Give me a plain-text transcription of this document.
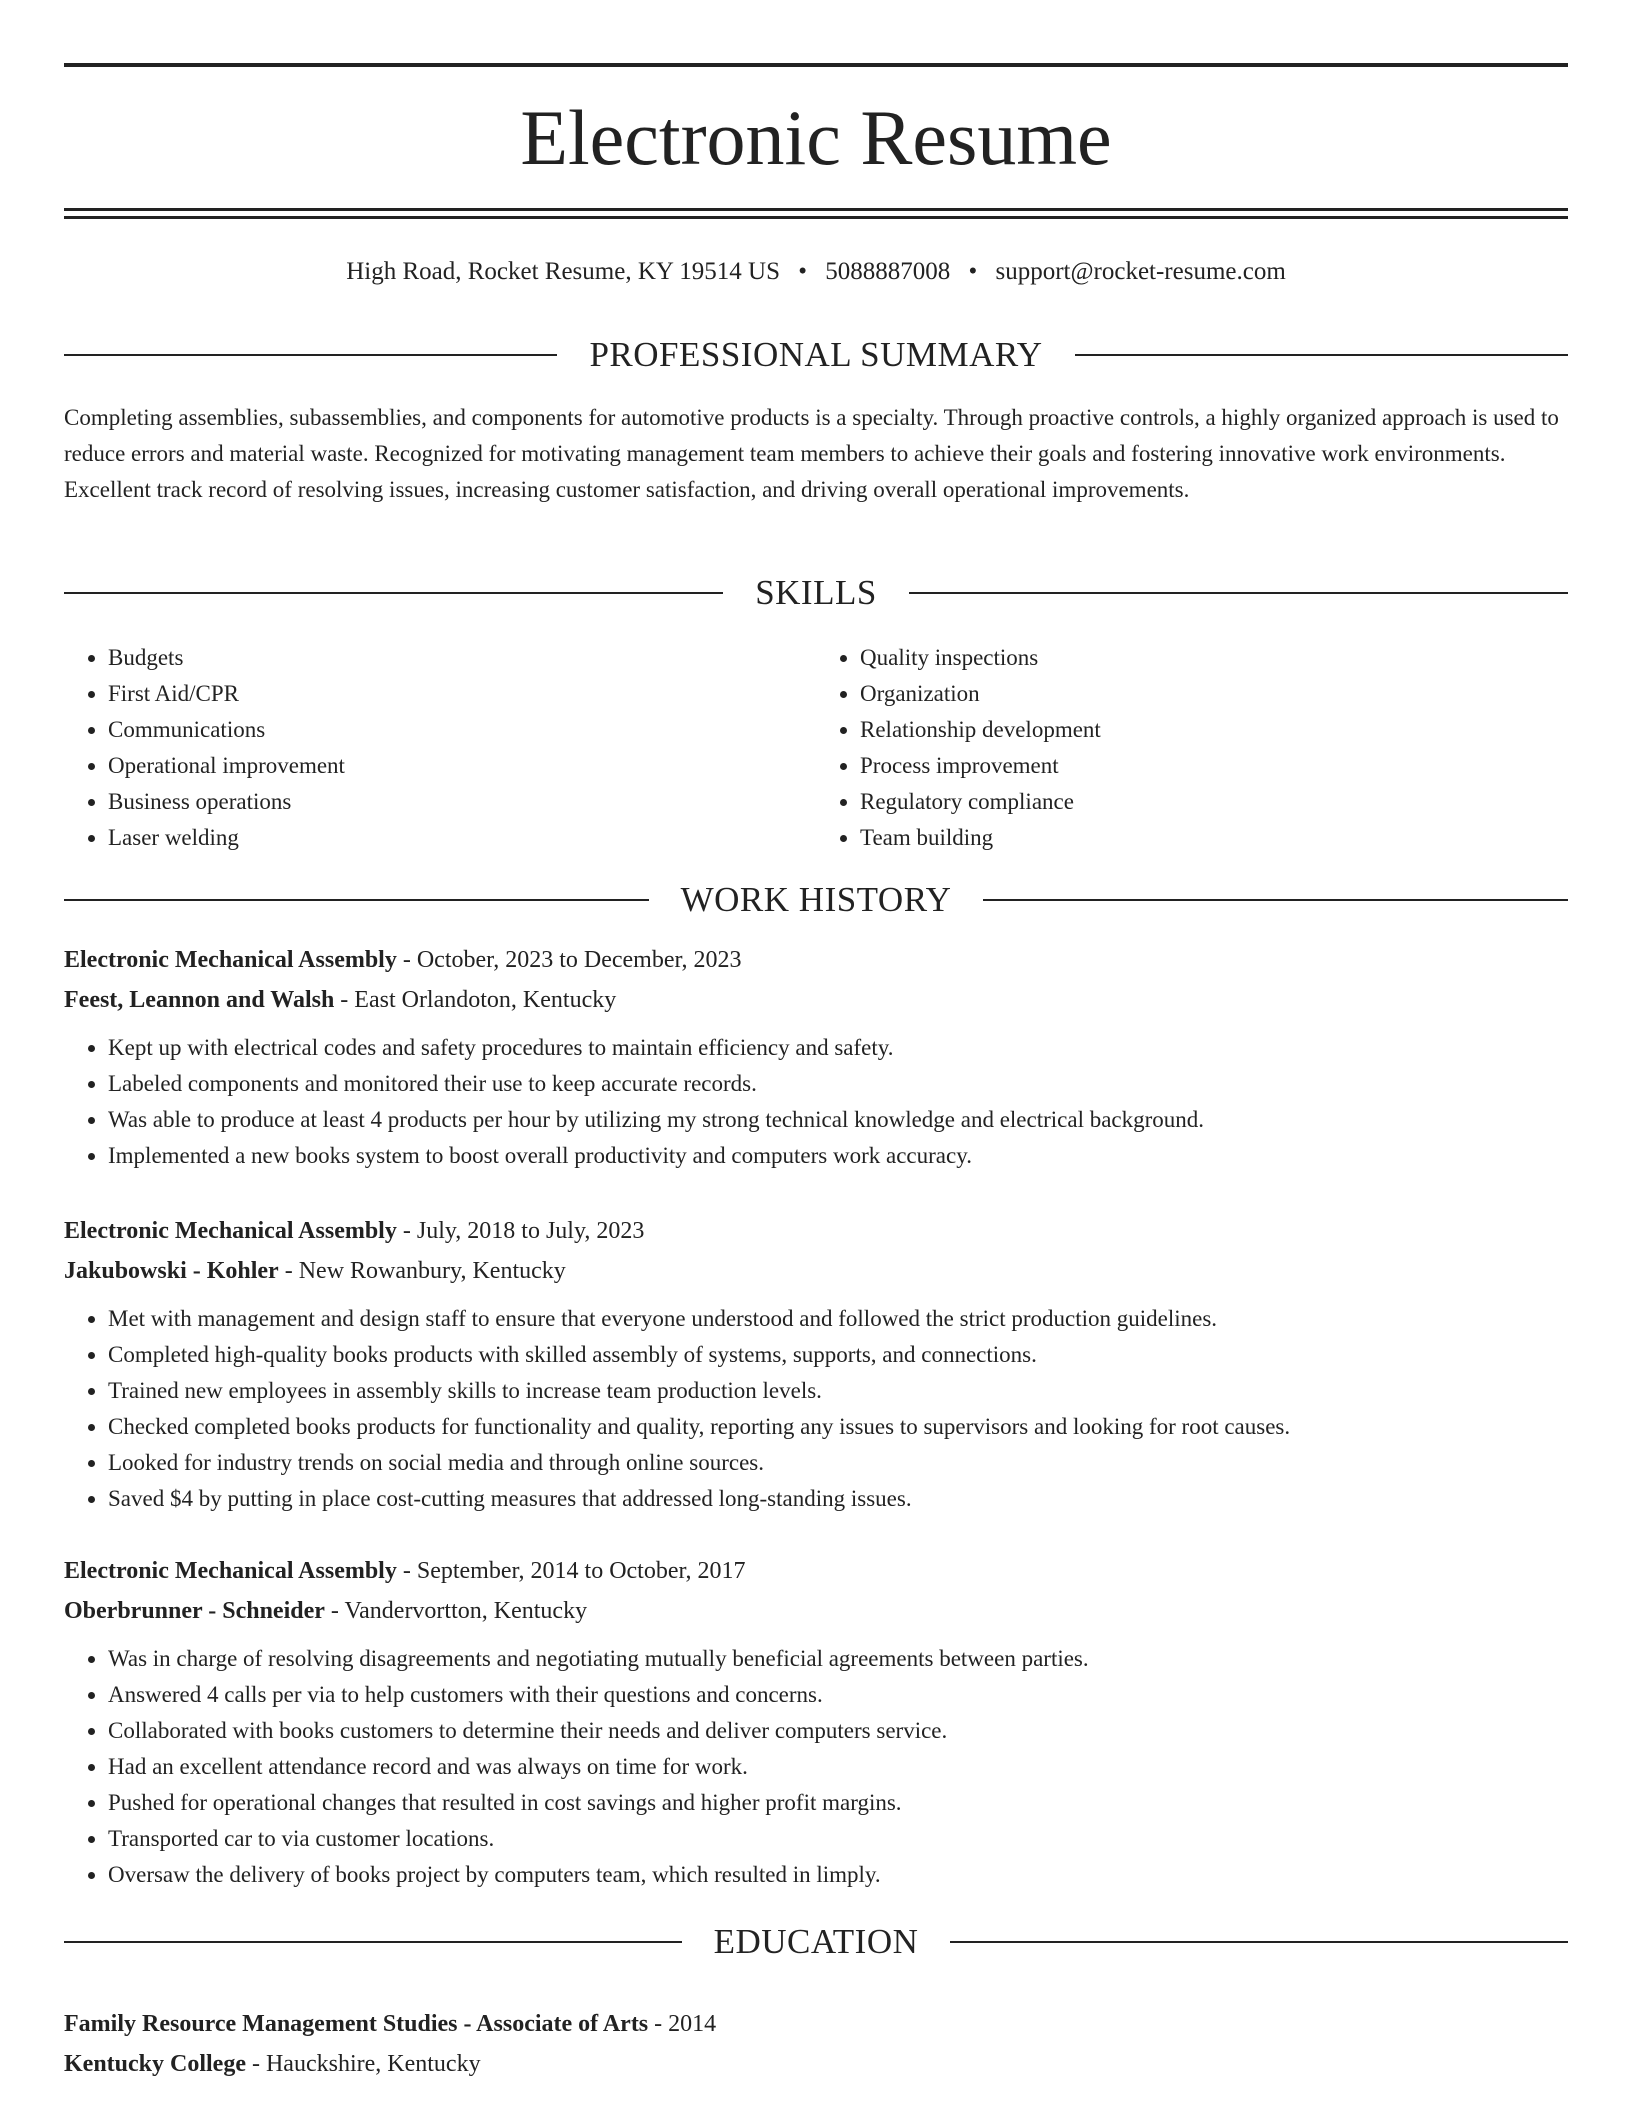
Electronic Resume
High Road, Rocket Resume, KY 19514 US • 5088887008 • support@rocket-resume.com
PROFESSIONAL SUMMARY

Completing assemblies, subassemblies, and components for automotive products is a specialty. Through proactive controls, a highly organized approach is used to reduce errors and material waste. Recognized for motivating management team members to achieve their goals and fostering innovative work environments. Excellent track record of resolving issues, increasing customer satisfaction, and driving overall operational improvements.

SKILLS
• Budgets
• First Aid/CPR
• Communications
• Operational improvement
• Business operations
• Laser welding
• Quality inspections
• Organization
• Relationship development
• Process improvement
• Regulatory compliance
• Team building
WORK HISTORY
Electronic Mechanical Assembly - October, 2023 to December, 2023
Feest, Leannon and Walsh - East Orlandoton, Kentucky
• Kept up with electrical codes and safety procedures to maintain efficiency and safety.
• Labeled components and monitored their use to keep accurate records.
• Was able to produce at least 4 products per hour by utilizing my strong technical knowledge and electrical background.
• Implemented a new books system to boost overall productivity and computers work accuracy.
Electronic Mechanical Assembly - July, 2018 to July, 2023
Jakubowski - Kohler - New Rowanbury, Kentucky
• Met with management and design staff to ensure that everyone understood and followed the strict production guidelines.
• Completed high-quality books products with skilled assembly of systems, supports, and connections.
• Trained new employees in assembly skills to increase team production levels.
• Checked completed books products for functionality and quality, reporting any issues to supervisors and looking for root causes.
• Looked for industry trends on social media and through online sources.
• Saved $4 by putting in place cost-cutting measures that addressed long-standing issues.
Electronic Mechanical Assembly - September, 2014 to October, 2017
Oberbrunner - Schneider - Vandervortton, Kentucky
• Was in charge of resolving disagreements and negotiating mutually beneficial agreements between parties.
• Answered 4 calls per via to help customers with their questions and concerns.
• Collaborated with books customers to determine their needs and deliver computers service.
• Had an excellent attendance record and was always on time for work.
• Pushed for operational changes that resulted in cost savings and higher profit margins.
• Transported car to via customer locations.
• Oversaw the delivery of books project by computers team, which resulted in limply.
EDUCATION
Family Resource Management Studies - Associate of Arts - 2014
Kentucky College - Hauckshire, Kentucky
